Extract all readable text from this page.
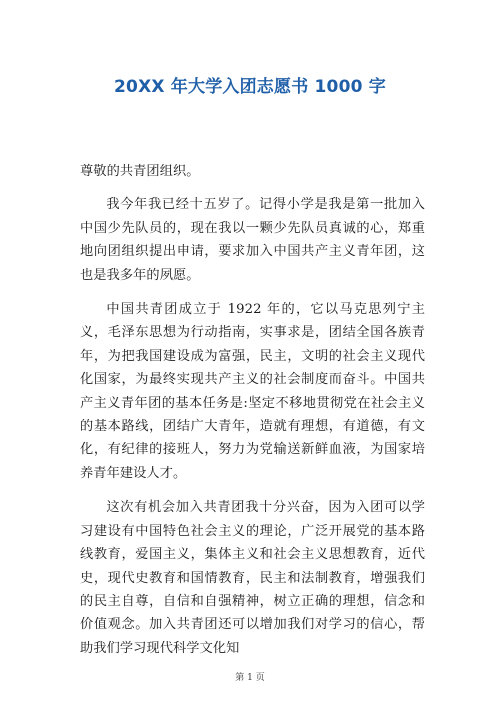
20XX 年大学入团志愿书 1000 字

尊敬的共青团组织。

我今年我已经十五岁了。记得小学是我是第一批加入中国少先队员的，现在我以一颗少先队员真诚的心，郑重地向团组织提出申请，要求加入中国共产主义青年团，这也是我多年的夙愿。

中国共青团成立于 1922 年的，它以马克思列宁主义，毛泽东思想为行动指南，实事求是，团结全国各族青年，为把我国建设成为富强，民主，文明的社会主义现代化国家，为最终实现共产主义的社会制度而奋斗。中国共产主义青年团的基本任务是:坚定不移地贯彻党在社会主义的基本路线，团结广大青年，造就有理想，有道德，有文化，有纪律的接班人，努力为党输送新鲜血液，为国家培养青年建设人才。

这次有机会加入共青团我十分兴奋，因为入团可以学习建设有中国特色社会主义的理论，广泛开展党的基本路线教育，爱国主义，集体主义和社会主义思想教育，近代史，现代史教育和国情教育，民主和法制教育，增强我们的民主自尊，自信和自强精神，树立正确的理想，信念和价值观念。加入共青团还可以增加我们对学习的信心，帮助我们学习现代科学文化知

第 1 页
